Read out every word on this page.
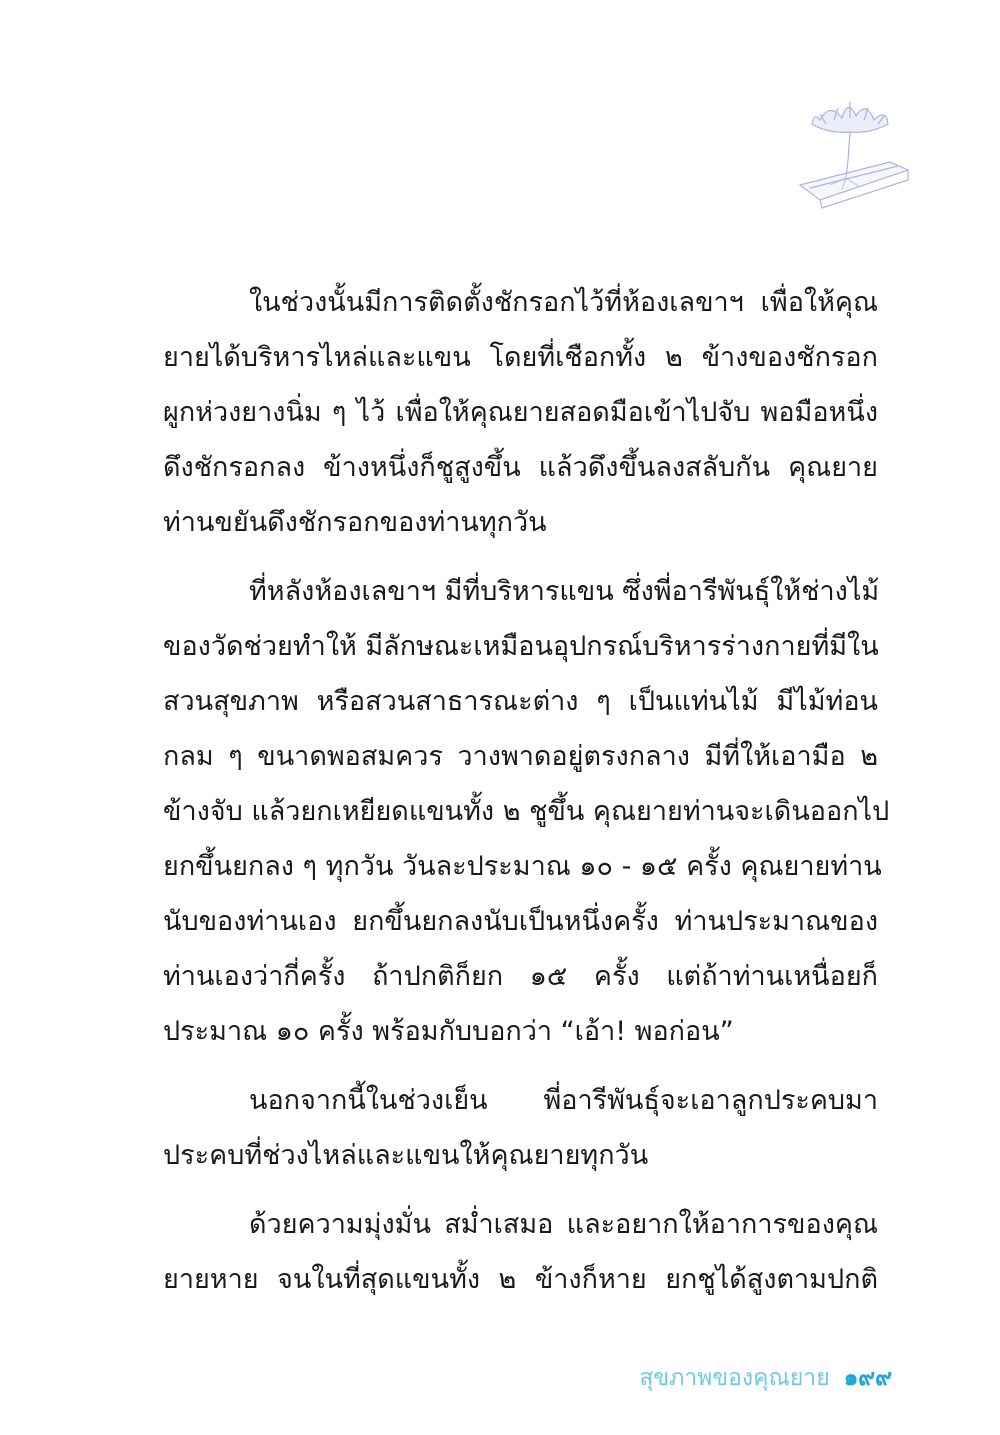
ในช่วงนั้นมีการติดตั้งชักรอกไว้ที่ห้องเลขาฯ เพื่อให้คุณ
ยายได้บริหารไหล่และแขน โดยที่เชือกทั้ง ๒ ข้างของชักรอก
ผูกห่วงยางนิ่ม ๆ ไว้ เพื่อให้คุณยายสอดมือเข้าไปจับ พอมือหนึ่ง
ดึงชักรอกลง ข้างหนึ่งก็ชูสูงขึ้น แล้วดึงขึ้นลงสลับกัน คุณยาย
ท่านขยันดึงชักรอกของท่านทุกวัน
ที่หลังห้องเลขาฯ มีที่บริหารแขน ซึ่งพี่อารีพันธุ์ให้ช่างไม้
ของวัดช่วยทำให้ มีลักษณะเหมือนอุปกรณ์บริหารร่างกายที่มีใน
สวนสุขภาพ หรือสวนสาธารณะต่าง ๆ เป็นแท่นไม้ มีไม้ท่อน
กลม ๆ ขนาดพอสมควร วางพาดอยู่ตรงกลาง มีที่ให้เอามือ ๒
ข้างจับ แล้วยกเหยียดแขนทั้ง ๒ ชูขึ้น คุณยายท่านจะเดินออกไป
ยกขึ้นยกลง ๆ ทุกวัน วันละประมาณ ๑๐ - ๑๕ ครั้ง คุณยายท่าน
นับของท่านเอง ยกขึ้นยกลงนับเป็นหนึ่งครั้ง ท่านประมาณของ
ท่านเองว่ากี่ครั้ง ถ้าปกติก็ยก ๑๕ ครั้ง แต่ถ้าท่านเหนื่อยก็
ประมาณ ๑๐ ครั้ง พร้อมกับบอกว่า “เอ้า! พอก่อน”
นอกจากนี้ในช่วงเย็น พี่อารีพันธุ์จะเอาลูกประคบมา
ประคบที่ช่วงไหล่และแขนให้คุณยายทุกวัน
ด้วยความมุ่งมั่น สม่ำเสมอ และอยากให้อาการของคุณ
ยายหาย จนในที่สุดแขนทั้ง ๒ ข้างก็หาย ยกชูได้สูงตามปกติ
สุขภาพของคุณยาย ๑๙๙
